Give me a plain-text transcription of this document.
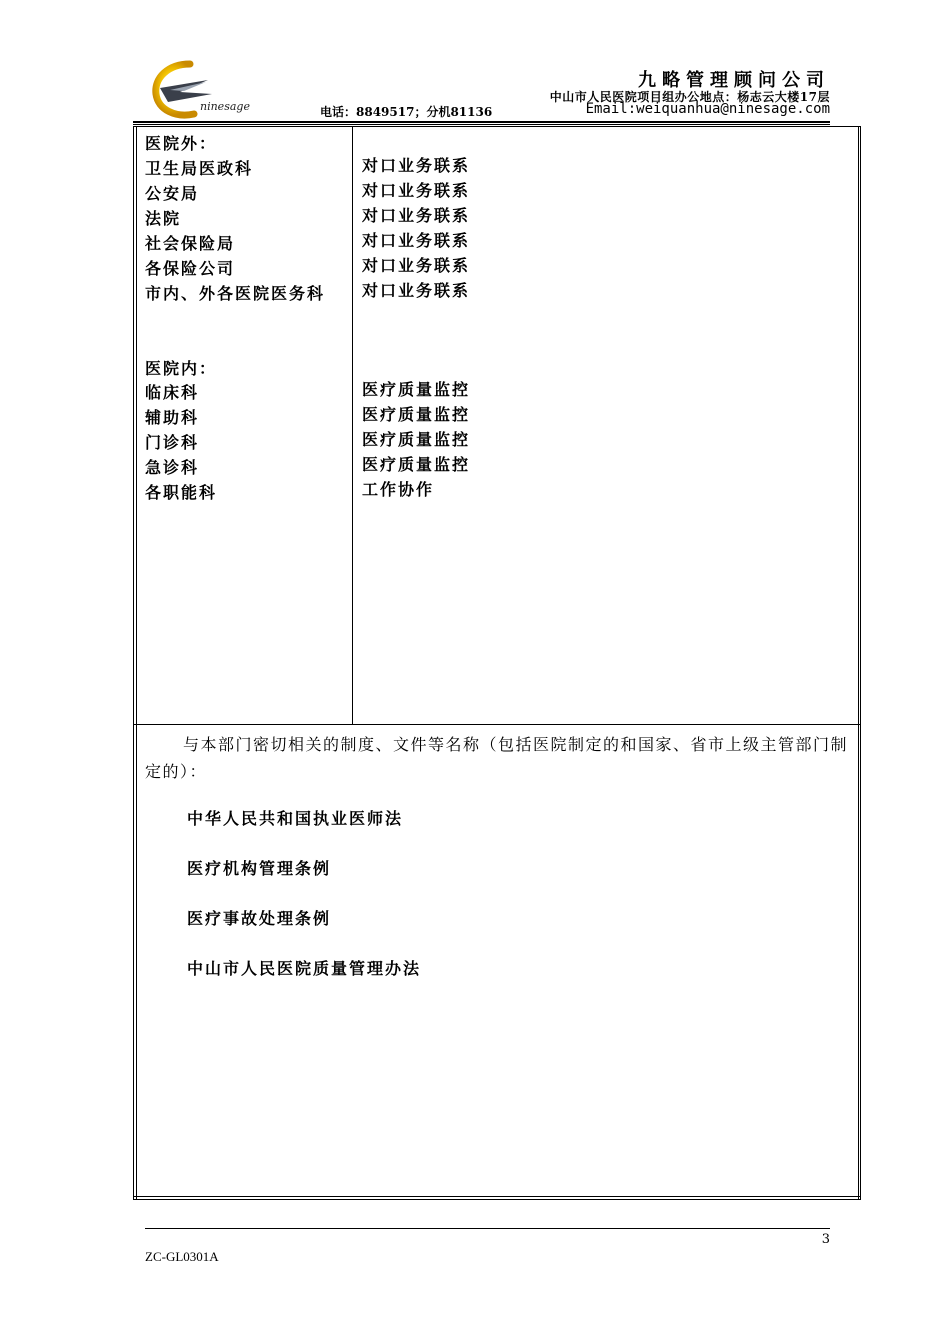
ninesage
九略管理顾问公司
中山市人民医院项目组办公地点：杨志云大楼17层
电话：8849517；分机81136	Email:weiquanhua@ninesage.com
医院外：
卫生局医政科
公安局
法院
社会保险局
各保险公司
市内、外各医院医务科
医院内：
临床科
辅助科
门诊科
急诊科
各职能科
对口业务联系
对口业务联系
对口业务联系
对口业务联系
对口业务联系
对口业务联系
医疗质量监控
医疗质量监控
医疗质量监控
医疗质量监控
工作协作
与本部门密切相关的制度、文件等名称（包括医院制定的和国家、省市上级主管部门制定的）：
中华人民共和国执业医师法
医疗机构管理条例
医疗事故处理条例
中山市人民医院质量管理办法
3
ZC-GL0301A
